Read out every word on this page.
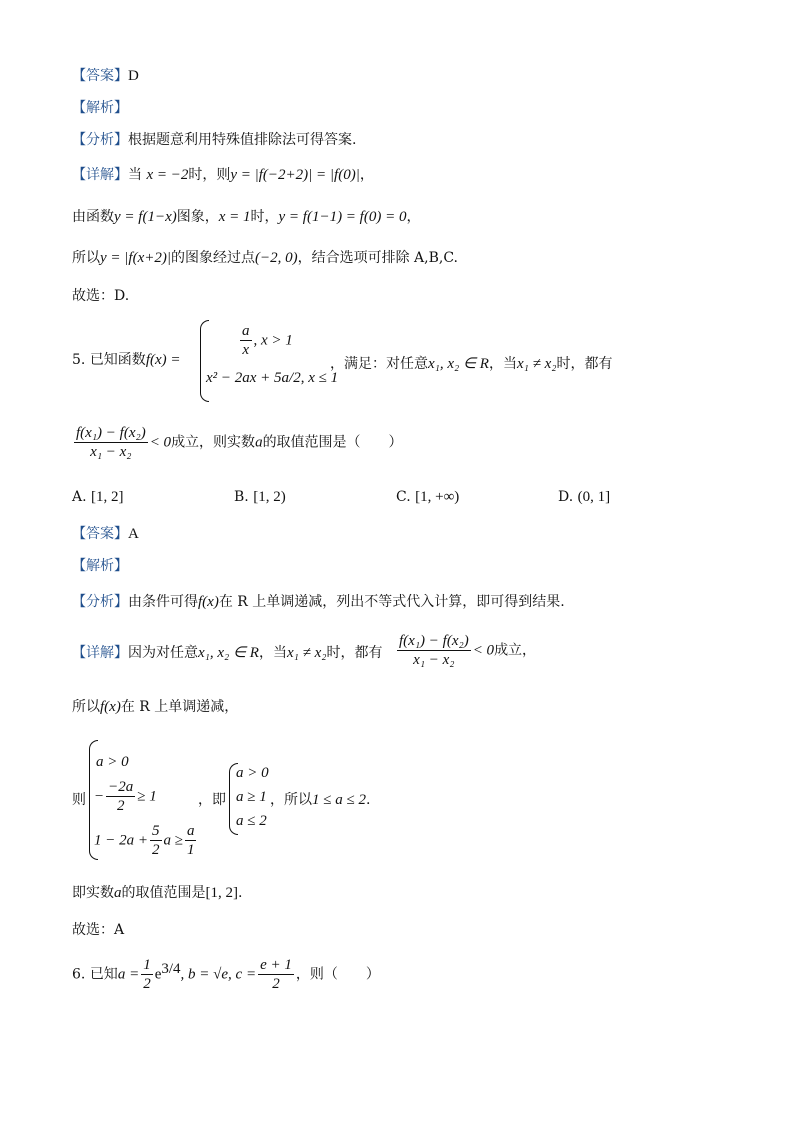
【答案】D
【解析】
【分析】根据题意利用特殊值排除法可得答案.
【详解】当 x = −2时，则y = |f(−2+2)| = |f(0)|，
由函数y = f(1−x)图象，x = 1时，y = f(1−1) = f(0) = 0，
所以y = |f(x+2)|的图象经过点(−2, 0)，结合选项可排除 A,B,C.
故选：D.
5. 已知函数f(x) =
$\frac{a}{x}$ , x > 1
x² − 2ax + 5a/2, x ≤ 1
，满足：对任意x₁, x₂ ∈ R，当x₁ ≠ x₂时，都有
$\frac{\text{f(x₁) − f(x₂)}}{\text{x₁ − x₂}} < 0$成立，则实数a的取值范围是（　　）
A. [1, 2]	B. [1, 2)	C. [1, +∞)	D. (0, 1]
【答案】A
【解析】
【分析】由条件可得f(x)在 R 上单调递减，列出不等式代入计算，即可得到结果.
【详解】因为对任意x₁, x₂ ∈ R，当x₁ ≠ x₂时，都有 $\frac{\text{f(x₁) − f(x₂)}}{\text{x₁ − x₂}} < 0$成立，
所以f(x)在 R 上单调递减，
则
a > 0
− $\frac{-2a}{2} \ge 1$
$1 - 2a + \frac{5}{2}$ $a \ge \frac{a}{1}$
，即
a > 0
a ≥ 1
a ≤ 2
，所以1 ≤ a ≤ 2.
即实数a的取值范围是[1, 2].
故选：A
6. 已知$a = \frac{1}{2} e^{3/4}$, b = √e, $c = \frac{e + 1}{2}$ ，则（　　）
